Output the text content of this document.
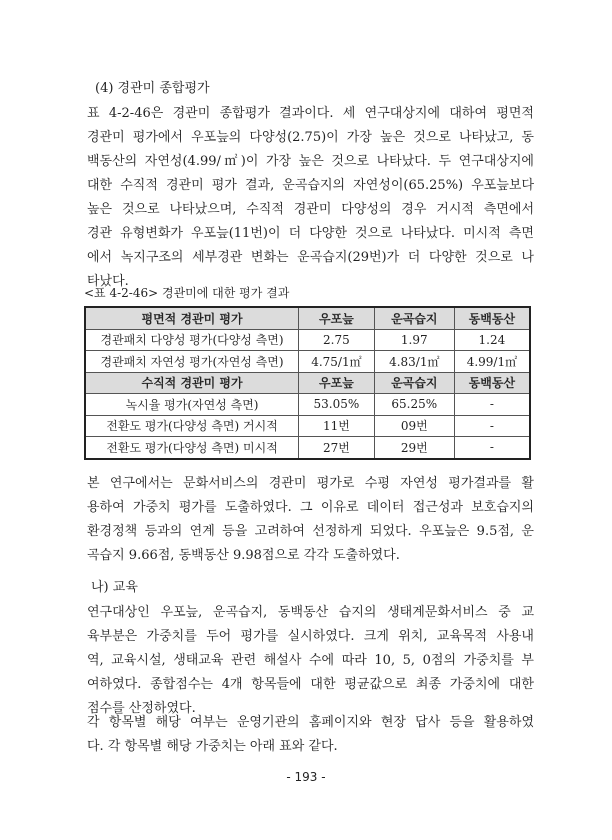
(4) 경관미 종합평가
표 4-2-46은 경관미 종합평가 결과이다. 세 연구대상지에 대하여 평면적
경관미 평가에서 우포늪의 다양성(2.75)이 가장 높은 것으로 나타났고, 동
백동산의 자연성(4.99/㎡)이 가장 높은 것으로 나타났다. 두 연구대상지에
대한 수직적 경관미 평가 결과, 운곡습지의 자연성이(65.25%) 우포늪보다
높은 것으로 나타났으며, 수직적 경관미 다양성의 경우 거시적 측면에서
경관 유형변화가 우포늪(11번)이 더 다양한 것으로 나타났다. 미시적 측면
에서 녹지구조의 세부경관 변화는 운곡습지(29번)가 더 다양한 것으로 나
타났다.
<표 4-2-46> 경관미에 대한 평가 결과
평면적 경관미 평가	우포늪	운곡습지	동백동산
경관패치 다양성 평가(다양성 측면)	2.75	1.97	1.24
경관패치 자연성 평가(자연성 측면)	4.75/1㎡	4.83/1㎡	4.99/1㎡
수직적 경관미 평가	우포늪	운곡습지	동백동산
녹시율 평가(자연성 측면)	53.05%	65.25%	-
전환도 평가(다양성 측면) 거시적	11번	09번	-
전환도 평가(다양성 측면) 미시적	27번	29번	-
본 연구에서는 문화서비스의 경관미 평가로 수평 자연성 평가결과를 활
용하여 가중치 평가를 도출하였다. 그 이유로 데이터 접근성과 보호습지의
환경정책 등과의 연계 등을 고려하여 선정하게 되었다. 우포늪은 9.5점, 운
곡습지 9.66점, 동백동산 9.98점으로 각각 도출하였다.
나) 교육
연구대상인 우포늪, 운곡습지, 동백동산 습지의 생태계문화서비스 중 교
육부분은 가중치를 두어 평가를 실시하였다. 크게 위치, 교육목적 사용내
역, 교육시설, 생태교육 관련 해설사 수에 따라 10, 5, 0점의 가중치를 부
여하였다. 종합점수는 4개 항목들에 대한 평균값으로 최종 가중치에 대한
점수를 산정하였다.
각 항목별 해당 여부는 운영기관의 홈페이지와 현장 답사 등을 활용하였
다. 각 항목별 해당 가중치는 아래 표와 같다.
- 193 -
